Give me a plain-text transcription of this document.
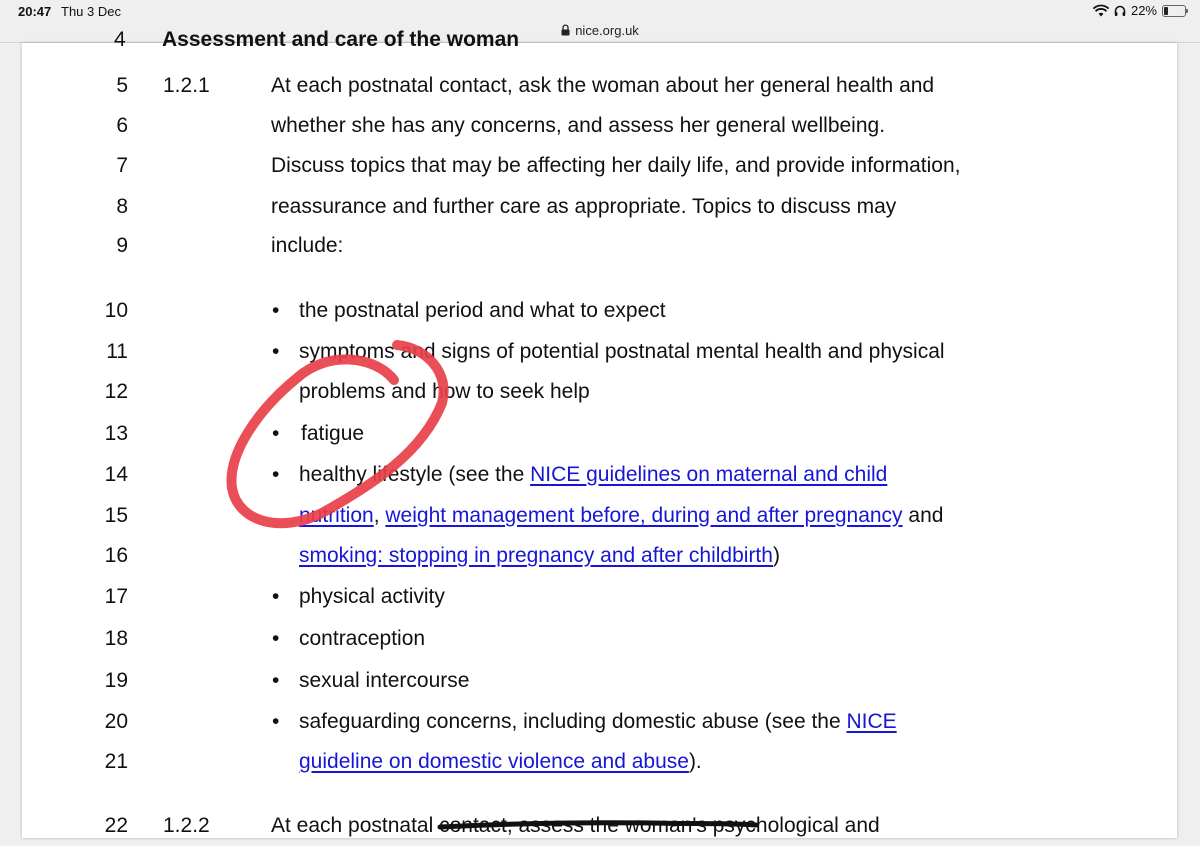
20:47 Thu 3 Dec	22%
nice.org.uk
4 Assessment and care of the woman
5 1.2.1	At each postnatal contact, ask the woman about her general health and
6	whether she has any concerns, and assess her general wellbeing.
7	Discuss topics that may be affecting her daily life, and provide information,
8	reassurance and further care as appropriate. Topics to discuss may
9	include:
10	• the postnatal period and what to expect
11	• symptoms and signs of potential postnatal mental health and physical
12	problems and how to seek help
13	• fatigue
14	• healthy lifestyle (see the NICE guidelines on maternal and child
15	nutrition, weight management before, during and after pregnancy and
16	smoking: stopping in pregnancy and after childbirth)
17	• physical activity
18	• contraception
19	• sexual intercourse
20	• safeguarding concerns, including domestic abuse (see the NICE
21	guideline on domestic violence and abuse).
22 1.2.2	At each postnatal contact, assess the woman's psychological and
